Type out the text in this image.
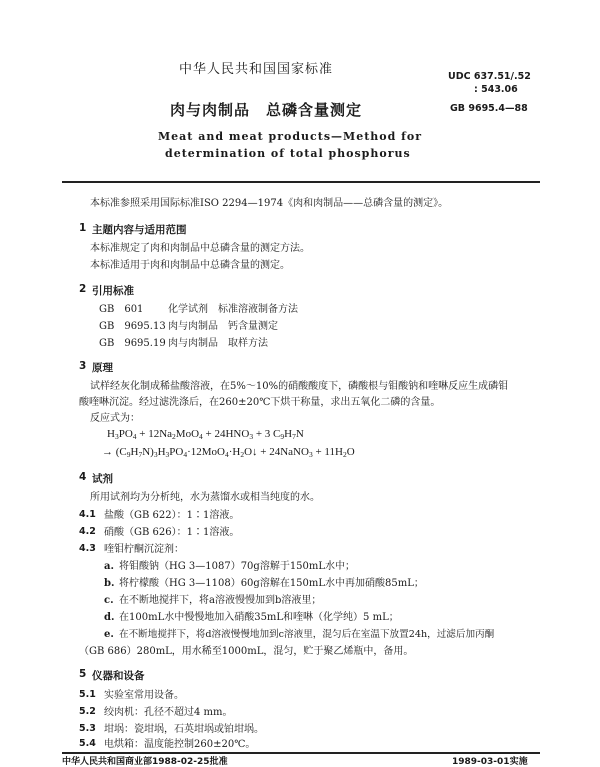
中华人民共和国国家标准	UDC 637.51/.52
: 543.06
肉与肉制品　总磷含量测定	GB 9695.4—88
Meat and meat products—Method for
determination of total phosphorus
本标准参照采用国际标准ISO 2294—1974《肉和肉制品——总磷含量的测定》。
1 主题内容与适用范围
本标准规定了肉和肉制品中总磷含量的测定方法。
本标准适用于肉和肉制品中总磷含量的测定。
2 引用标准
GB　601 化学试剂　标准溶液制备方法
GB　9695.13 肉与肉制品　钙含量测定
GB　9695.19 肉与肉制品　取样方法
3 原理
试样经灰化制成稀盐酸溶液，在5%～10%的硝酸酸度下，磷酸根与钼酸钠和喹啉反应生成磷钼
酸喹啉沉淀。经过滤洗涤后，在260±20℃下烘干称量，求出五氧化二磷的含量。
反应式为：
$H_3PO_4 + 12Na_2MoO_4 + 24HNO_3 + 3$ $C_9H_7N$
→ $(C_9H_7N)_3H_3PO_4\cdot 12MoO_4\cdot H_2O↓$ + 24NaNO$_3$ + $11H_2O$
4 试剂
所用试剂均为分析纯，水为蒸馏水或相当纯度的水。
4.1 盐酸（GB 622）：1∶1溶液。
4.2 硝酸（GB 626）：1∶1溶液。
4.3 喹钼柠酮沉淀剂：
a. 将钼酸钠（HG 3—1087）70g溶解于150mL水中；
b. 将柠檬酸（HG 3—1108）60g溶解在150mL水中再加硝酸85mL；
c. 在不断地搅拌下，将a溶液慢慢加到b溶液里；
d. 在100mL水中慢慢地加入硝酸35mL和喹啉（化学纯）5 mL；
e. 在不断地搅拌下，将d溶液慢慢地加到c溶液里，混匀后在室温下放置24h，过滤后加丙酮
（GB 686）280mL，用水稀至1000mL，混匀，贮于聚乙烯瓶中，备用。
5 仪器和设备
5.1 实验室常用设备。
5.2 绞肉机：孔径不超过4 mm。
5.3 坩埚：瓷坩埚，石英坩埚或铂坩埚。
5.4 电烘箱：温度能控制260±20℃。
中华人民共和国商业部1988-02-25批准	1989-03-01实施
